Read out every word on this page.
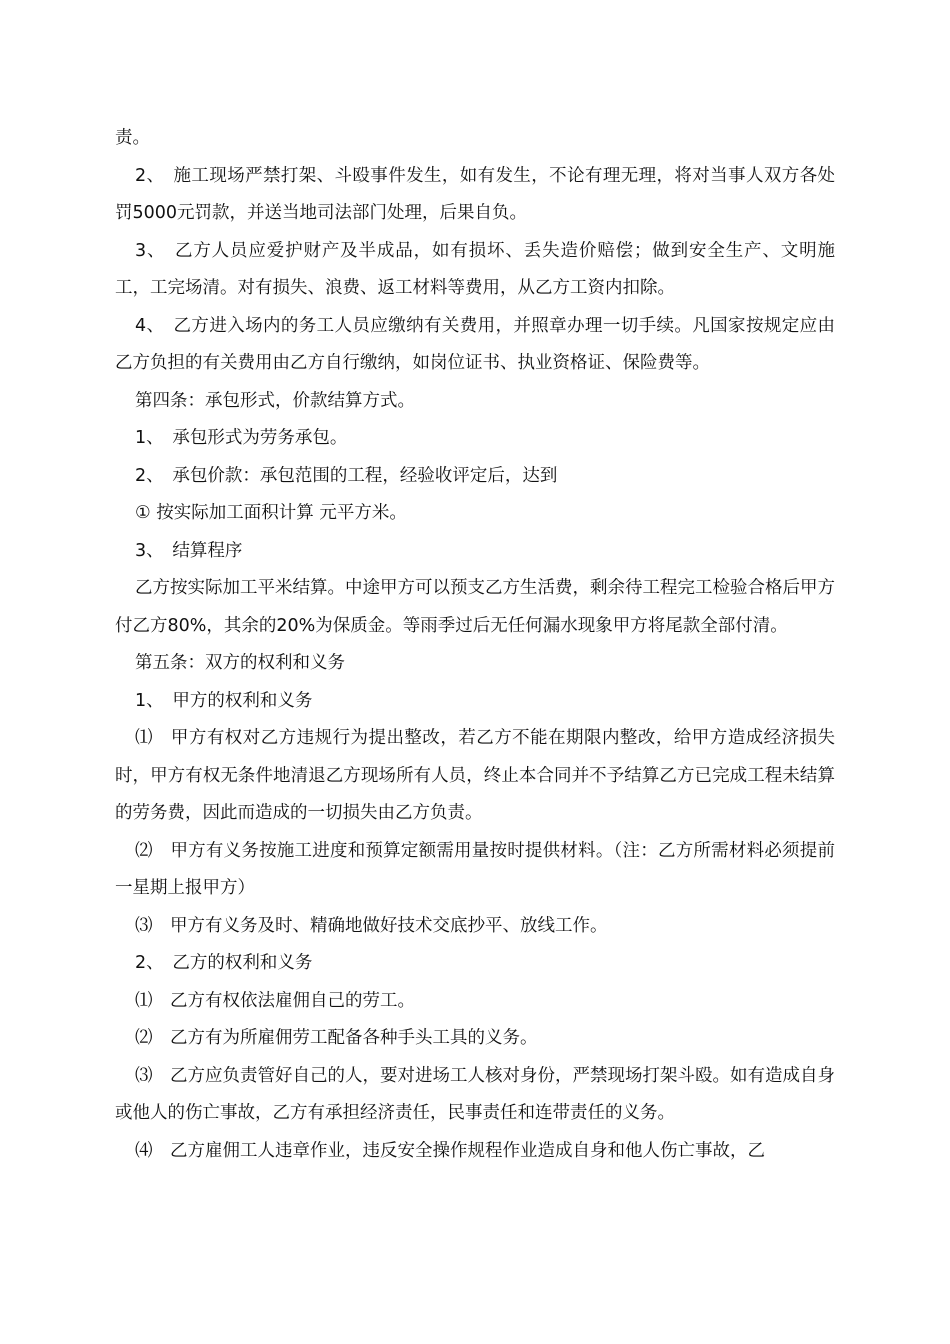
责。

2、　施工现场严禁打架、斗殴事件发生，如有发生，不论有理无理，将对当事人双方各处罚5000元罚款，并送当地司法部门处理，后果自负。

3、　乙方人员应爱护财产及半成品，如有损坏、丢失造价赔偿；做到安全生产、文明施工，工完场清。对有损失、浪费、返工材料等费用，从乙方工资内扣除。

4、　乙方进入场内的务工人员应缴纳有关费用，并照章办理一切手续。凡国家按规定应由乙方负担的有关费用由乙方自行缴纳，如岗位证书、执业资格证、保险费等。

第四条：承包形式，价款结算方式。

1、　承包形式为劳务承包。

2、　承包价款：承包范围的工程，经验收评定后，达到

① 按实际加工面积计算 元平方米。

3、　结算程序

乙方按实际加工平米结算。中途甲方可以预支乙方生活费，剩余待工程完工检验合格后甲方付乙方80%，其余的20%为保质金。等雨季过后无任何漏水现象甲方将尾款全部付清。

第五条：双方的权利和义务

1、　甲方的权利和义务

⑴　甲方有权对乙方违规行为提出整改，若乙方不能在期限内整改，给甲方造成经济损失时，甲方有权无条件地清退乙方现场所有人员，终止本合同并不予结算乙方已完成工程未结算的劳务费，因此而造成的一切损失由乙方负责。

⑵　甲方有义务按施工进度和预算定额需用量按时提供材料。（注：乙方所需材料必须提前一星期上报甲方）

⑶　甲方有义务及时、精确地做好技术交底抄平、放线工作。

2、　乙方的权利和义务

⑴　乙方有权依法雇佣自己的劳工。

⑵　乙方有为所雇佣劳工配备各种手头工具的义务。

⑶　乙方应负责管好自己的人，要对进场工人核对身份，严禁现场打架斗殴。如有造成自身或他人的伤亡事故，乙方有承担经济责任，民事责任和连带责任的义务。

⑷　乙方雇佣工人违章作业，违反安全操作规程作业造成自身和他人伤亡事故，乙
